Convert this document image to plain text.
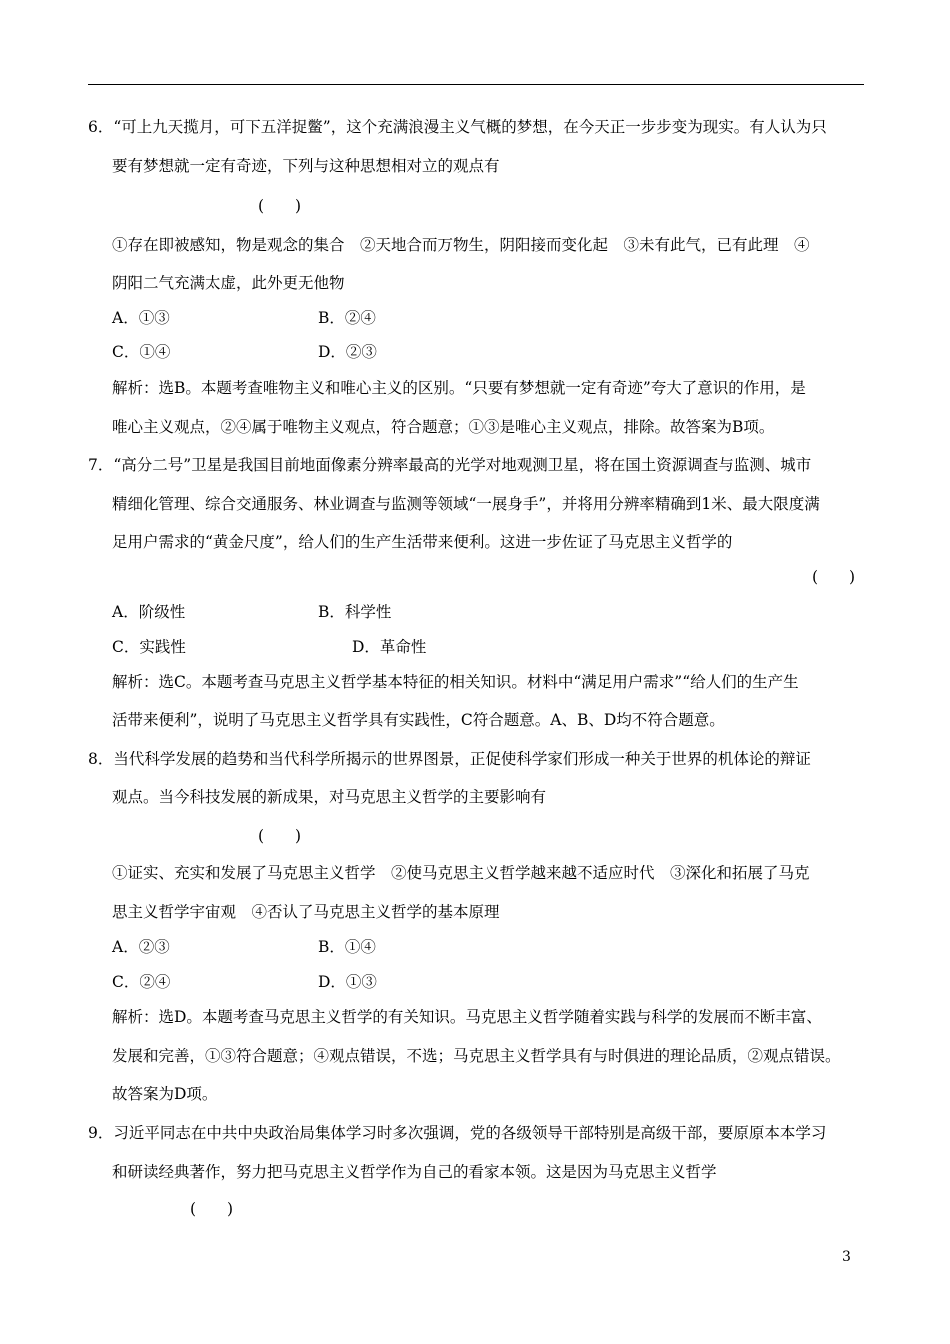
6．“可上九天揽月，可下五洋捉鳖”，这个充满浪漫主义气概的梦想，在今天正一步步变为现实。有人认为只
要有梦想就一定有奇迹，下列与这种思想相对立的观点有
(　　)
①存在即被感知，物是观念的集合　②天地合而万物生，阴阳接而变化起　③未有此气，已有此理　④
阴阳二气充满太虚，此外更无他物
A．①③	B．②④
C．①④	D．②③
解析：选B。本题考查唯物主义和唯心主义的区别。“只要有梦想就一定有奇迹”夸大了意识的作用，是
唯心主义观点，②④属于唯物主义观点，符合题意；①③是唯心主义观点，排除。故答案为B项。
7．“高分二号”卫星是我国目前地面像素分辨率最高的光学对地观测卫星，将在国土资源调查与监测、城市
精细化管理、综合交通服务、林业调查与监测等领域“一展身手”，并将用分辨率精确到1米、最大限度满
足用户需求的“黄金尺度”，给人们的生产生活带来便利。这进一步佐证了马克思主义哲学的
(　　)
A．阶级性	B．科学性
C．实践性	D．革命性
解析：选C。本题考查马克思主义哲学基本特征的相关知识。材料中“满足用户需求”“给人们的生产生
活带来便利”，说明了马克思主义哲学具有实践性，C符合题意。A、B、D均不符合题意。
8．当代科学发展的趋势和当代科学所揭示的世界图景，正促使科学家们形成一种关于世界的机体论的辩证
观点。当今科技发展的新成果，对马克思主义哲学的主要影响有
(　　)
①证实、充实和发展了马克思主义哲学　②使马克思主义哲学越来越不适应时代　③深化和拓展了马克
思主义哲学宇宙观　④否认了马克思主义哲学的基本原理
A．②③	B．①④
C．②④	D．①③
解析：选D。本题考查马克思主义哲学的有关知识。马克思主义哲学随着实践与科学的发展而不断丰富、
发展和完善，①③符合题意；④观点错误，不选；马克思主义哲学具有与时俱进的理论品质，②观点错误。
故答案为D项。
9．习近平同志在中共中央政治局集体学习时多次强调，党的各级领导干部特别是高级干部，要原原本本学习
和研读经典著作，努力把马克思主义哲学作为自己的看家本领。这是因为马克思主义哲学
(　　)
3
